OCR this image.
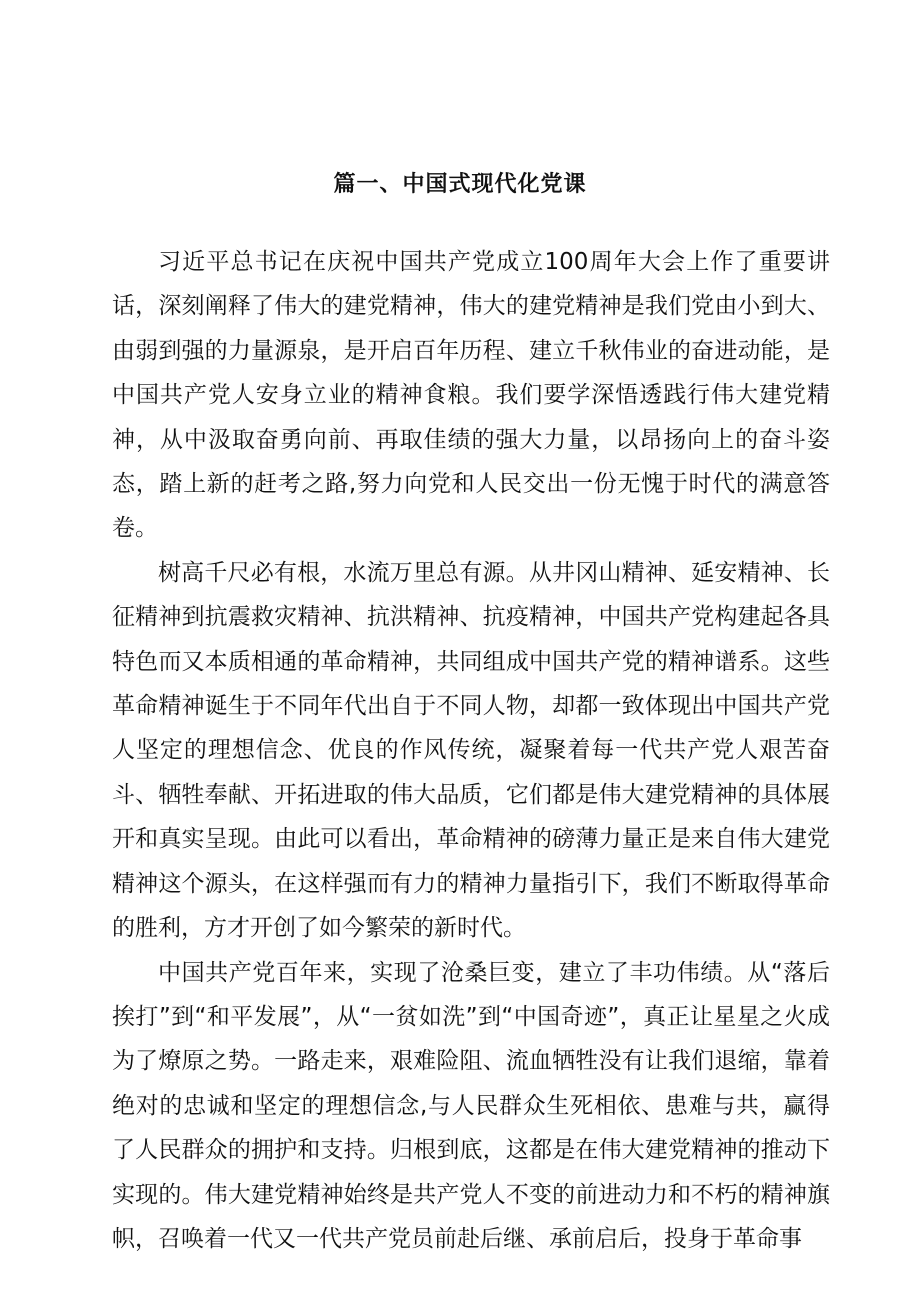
篇一、中国式现代化党课

习近平总书记在庆祝中国共产党成立100周年大会上作了重要讲话，深刻阐释了伟大的建党精神，伟大的建党精神是我们党由小到大、由弱到强的力量源泉，是开启百年历程、建立千秋伟业的奋进动能，是中国共产党人安身立业的精神食粮。我们要学深悟透践行伟大建党精神，从中汲取奋勇向前、再取佳绩的强大力量，以昂扬向上的奋斗姿态，踏上新的赶考之路,努力向党和人民交出一份无愧于时代的满意答卷。

树高千尺必有根，水流万里总有源。从井冈山精神、延安精神、长征精神到抗震救灾精神、抗洪精神、抗疫精神，中国共产党构建起各具特色而又本质相通的革命精神，共同组成中国共产党的精神谱系。这些革命精神诞生于不同年代出自于不同人物，却都一致体现出中国共产党人坚定的理想信念、优良的作风传统，凝聚着每一代共产党人艰苦奋斗、牺牲奉献、开拓进取的伟大品质，它们都是伟大建党精神的具体展开和真实呈现。由此可以看出，革命精神的磅薄力量正是来自伟大建党精神这个源头，在这样强而有力的精神力量指引下，我们不断取得革命的胜利，方才开创了如今繁荣的新时代。

中国共产党百年来，实现了沧桑巨变，建立了丰功伟绩。从“落后挨打”到“和平发展”，从“一贫如洗”到“中国奇迹”，真正让星星之火成为了燎原之势。一路走来，艰难险阻、流血牺牲没有让我们退缩，靠着绝对的忠诚和坚定的理想信念,与人民群众生死相依、患难与共，赢得了人民群众的拥护和支持。归根到底，这都是在伟大建党精神的推动下实现的。伟大建党精神始终是共产党人不变的前进动力和不朽的精神旗帜，召唤着一代又一代共产党员前赴后继、承前启后，投身于革命事
